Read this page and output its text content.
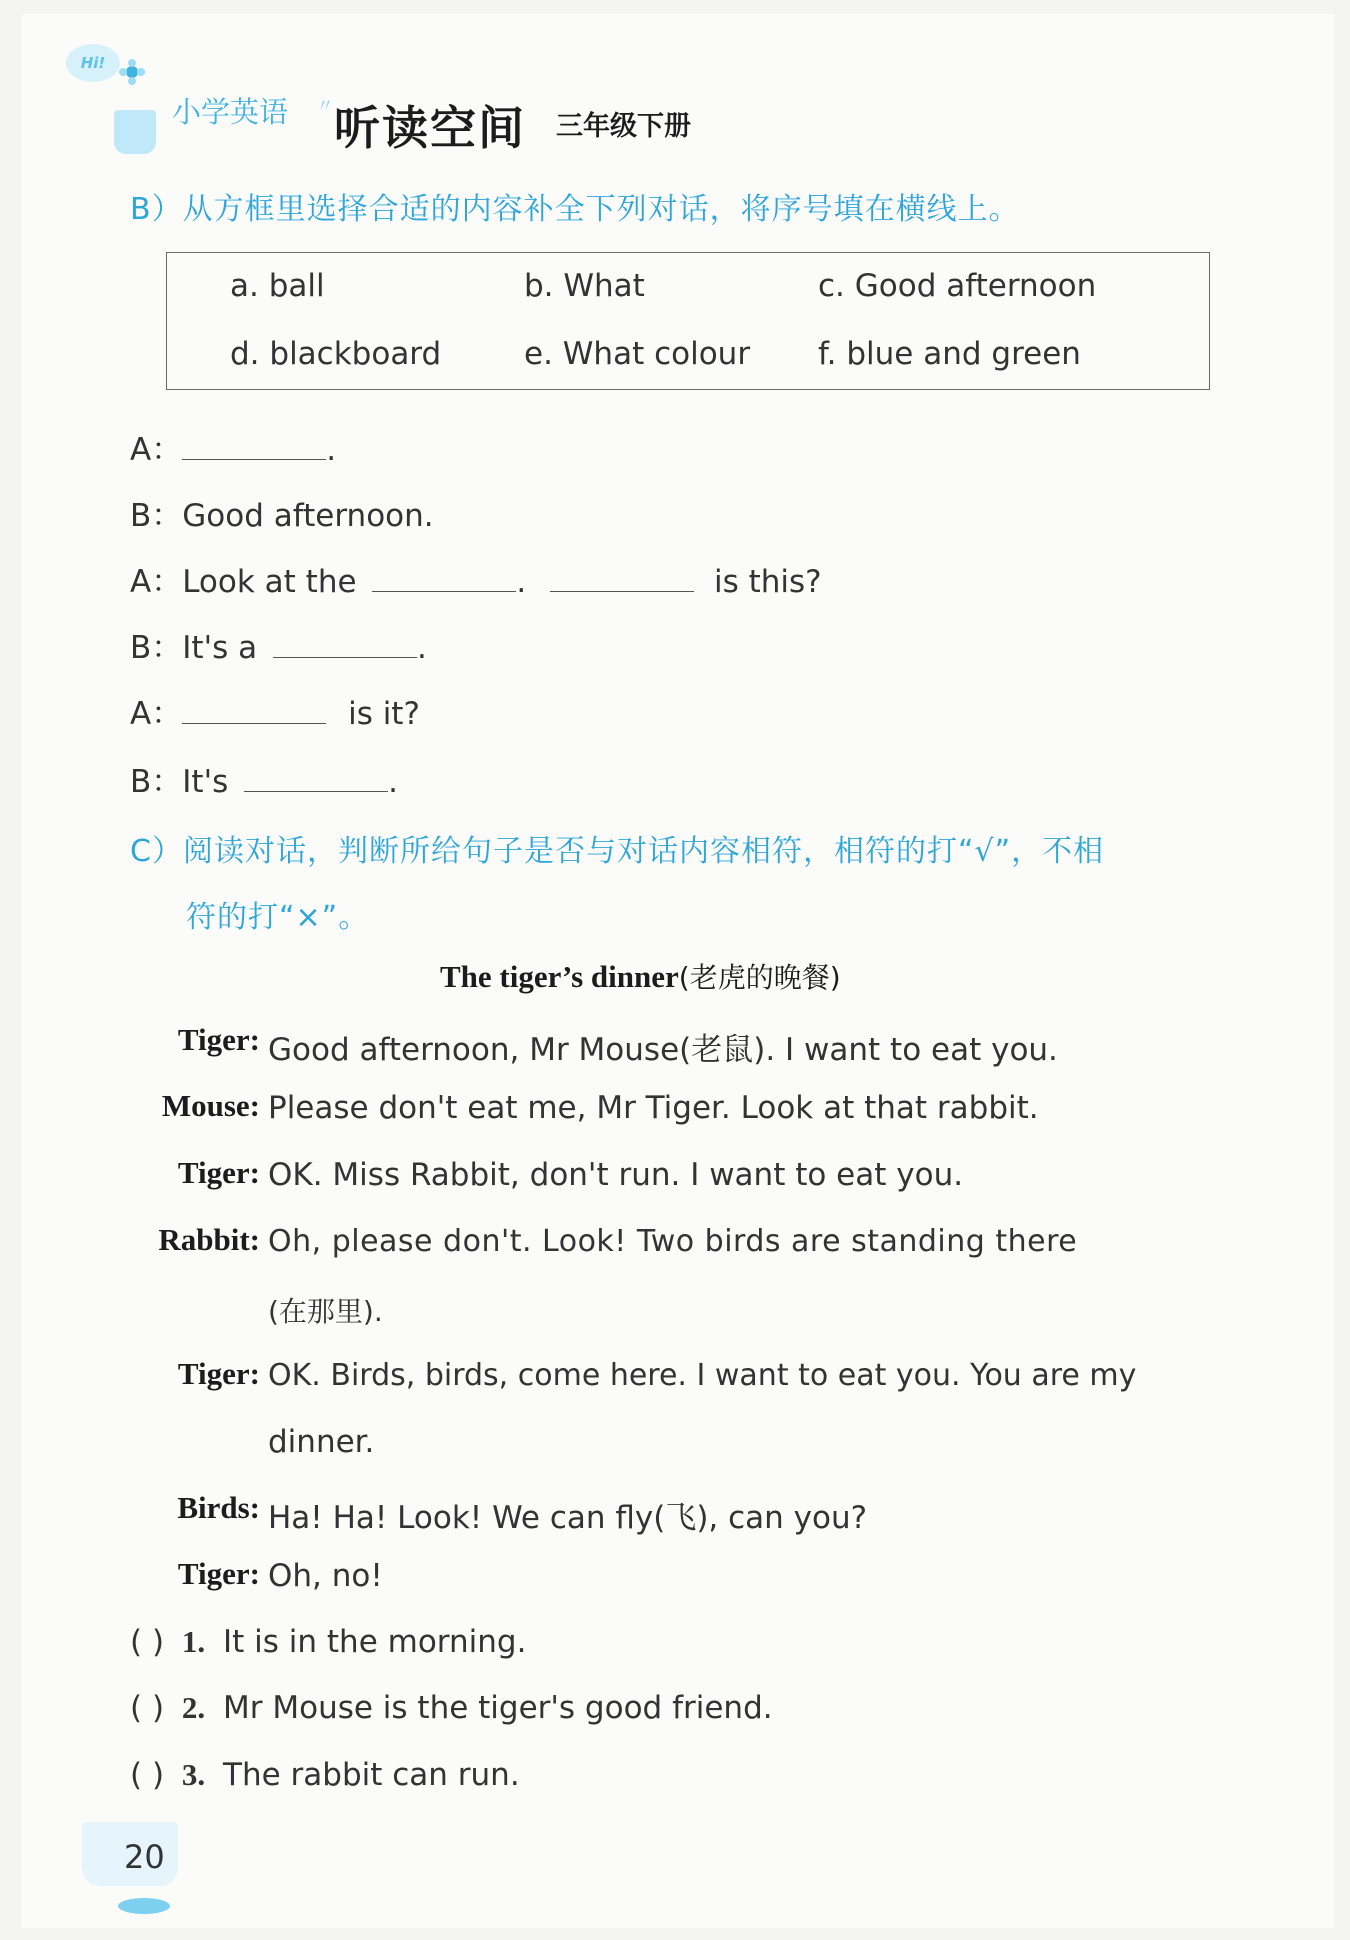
Hi!
小学英语 〃 听读空间 三年级下册
B）从方框里选择合适的内容补全下列对话，将序号填在横线上。
a. ball	b. What	c. Good afternoon
d. blackboard	e. What colour f. blue and green
A：	.
B：Good afternoon.
A：Look at the	.	is this?
B：It's a	.
A：	is it?
B：It's	.
C）阅读对话，判断所给句子是否与对话内容相符，相符的打“√”，不相
符的打“×”。
The tiger’s dinner(老虎的晚餐)
Tiger: Good afternoon, Mr Mouse(老鼠). I want to eat you.
Mouse: Please don't eat me, Mr Tiger. Look at that rabbit.
Tiger: OK. Miss Rabbit, don't run. I want to eat you.
Rabbit: Oh, please don't. Look! Two birds are standing there
(在那里).
Tiger: OK. Birds, birds, come here. I want to eat you. You are my
dinner.
Birds: Ha! Ha! Look! We can fly(飞), can you?
Tiger: Oh, no!
( ) 1. It is in the morning.
( ) 2. Mr Mouse is the tiger's good friend.
( ) 3. The rabbit can run.
20
